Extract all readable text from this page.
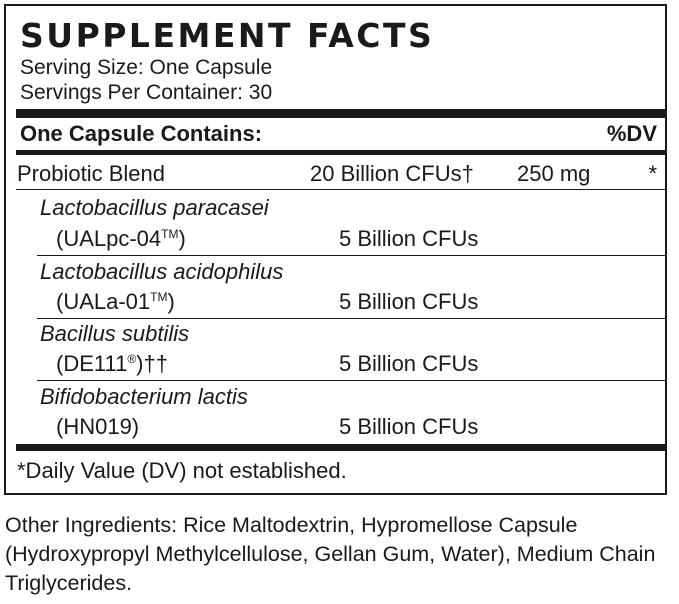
SUPPLEMENT FACTS
Serving Size: One Capsule
Servings Per Container: 30
One Capsule Contains:	%DV
Probiotic Blend	20 Billion CFUs† 250 mg	*
Lactobacillus paracasei
(UALpc-04™)	5 Billion CFUs
Lactobacillus acidophilus
(UALa-01™)	5 Billion CFUs
Bacillus subtilis
(DE111®)††	5 Billion CFUs
Bifidobacterium lactis
(HN019)	5 Billion CFUs
*Daily Value (DV) not established.
Other Ingredients: Rice Maltodextrin, Hypromellose Capsule (Hydroxypropyl Methylcellulose, Gellan Gum, Water), Medium Chain Triglycerides.
